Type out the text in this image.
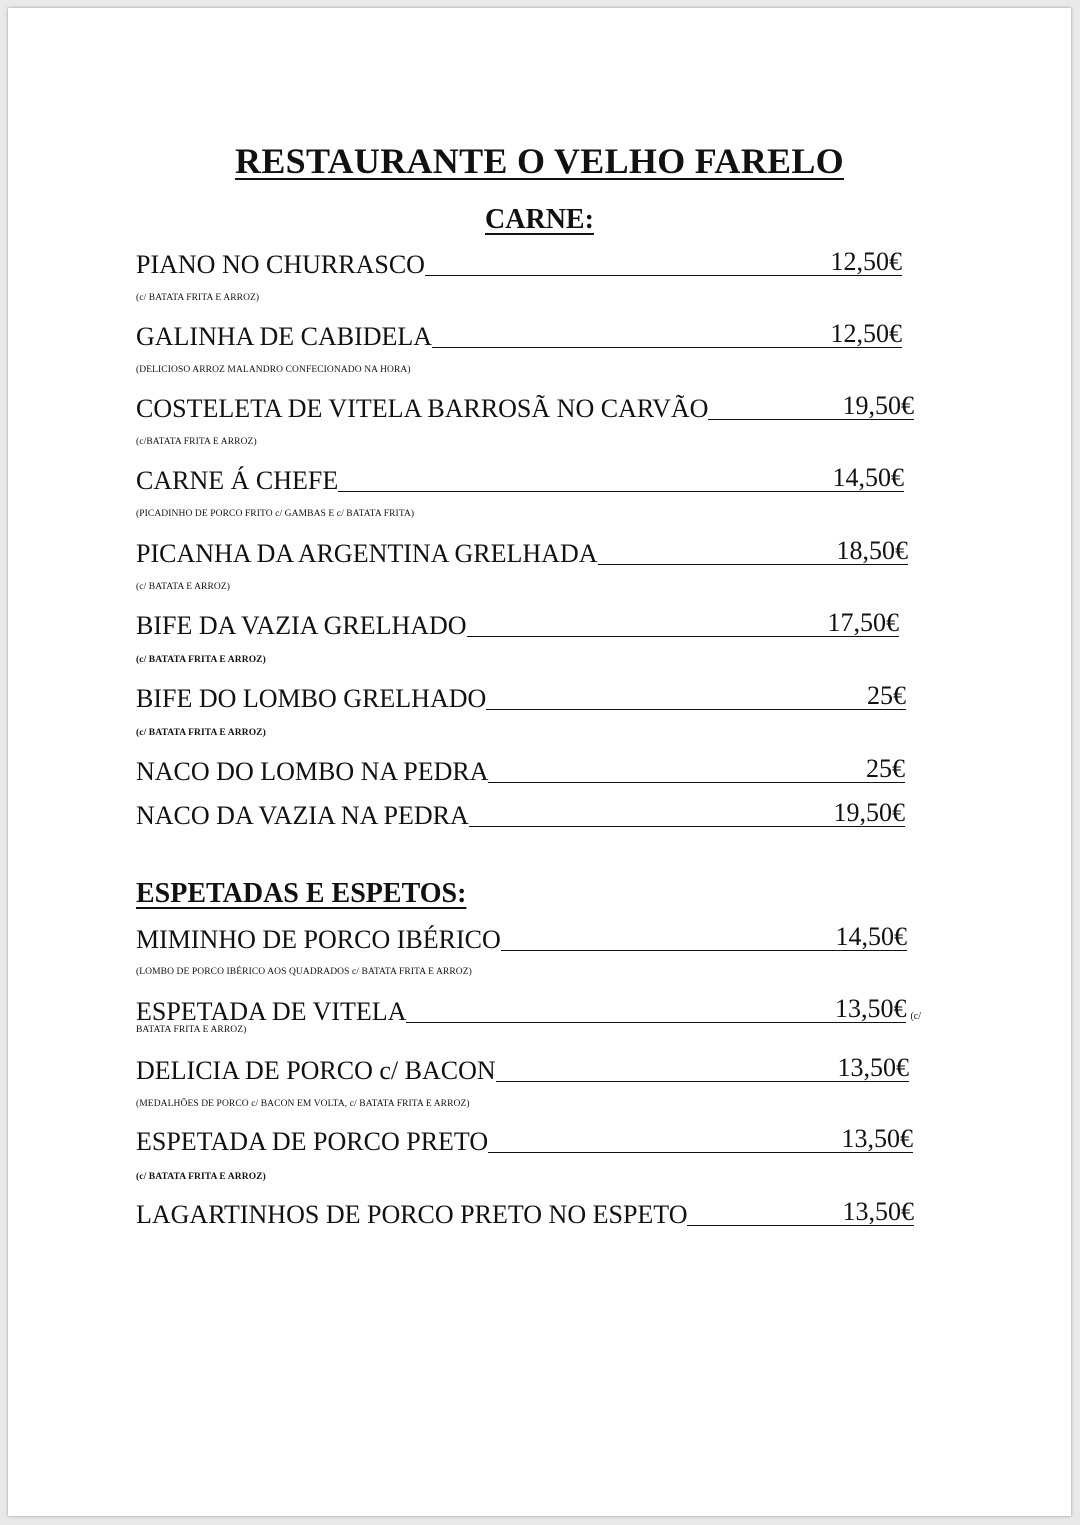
RESTAURANTE O VELHO FARELO
CARNE:
PIANO NO CHURRASCO	12,50€
(c/ BATATA FRITA E ARROZ)
GALINHA DE CABIDELA	12,50€
(DELICIOSO ARROZ MALANDRO CONFECIONADO NA HORA)
COSTELETA DE VITELA BARROSÃ NO CARVÃO	19,50€
(c/BATATA FRITA E ARROZ)
CARNE Á CHEFE	14,50€
(PICADINHO DE PORCO FRITO c/ GAMBAS E c/ BATATA FRITA)
PICANHA DA ARGENTINA GRELHADA	18,50€
(c/ BATATA E ARROZ)
BIFE DA VAZIA GRELHADO	17,50€
(c/ BATATA FRITA E ARROZ)
BIFE DO LOMBO GRELHADO	25€
(c/ BATATA FRITA E ARROZ)
NACO DO LOMBO NA PEDRA	25€
NACO DA VAZIA NA PEDRA	19,50€
ESPETADAS E ESPETOS:
MIMINHO DE PORCO IBÉRICO	14,50€
(LOMBO DE PORCO IBÉRICO AOS QUADRADOS c/ BATATA FRITA E ARROZ)
ESPETADA DE VITELA	13,50€ (c/
BATATA FRITA E ARROZ)
DELICIA DE PORCO c/ BACON	13,50€
(MEDALHÕES DE PORCO c/ BACON EM VOLTA, c/ BATATA FRITA E ARROZ)
ESPETADA DE PORCO PRETO	13,50€
(c/ BATATA FRITA E ARROZ)
LAGARTINHOS DE PORCO PRETO NO ESPETO	13,50€
